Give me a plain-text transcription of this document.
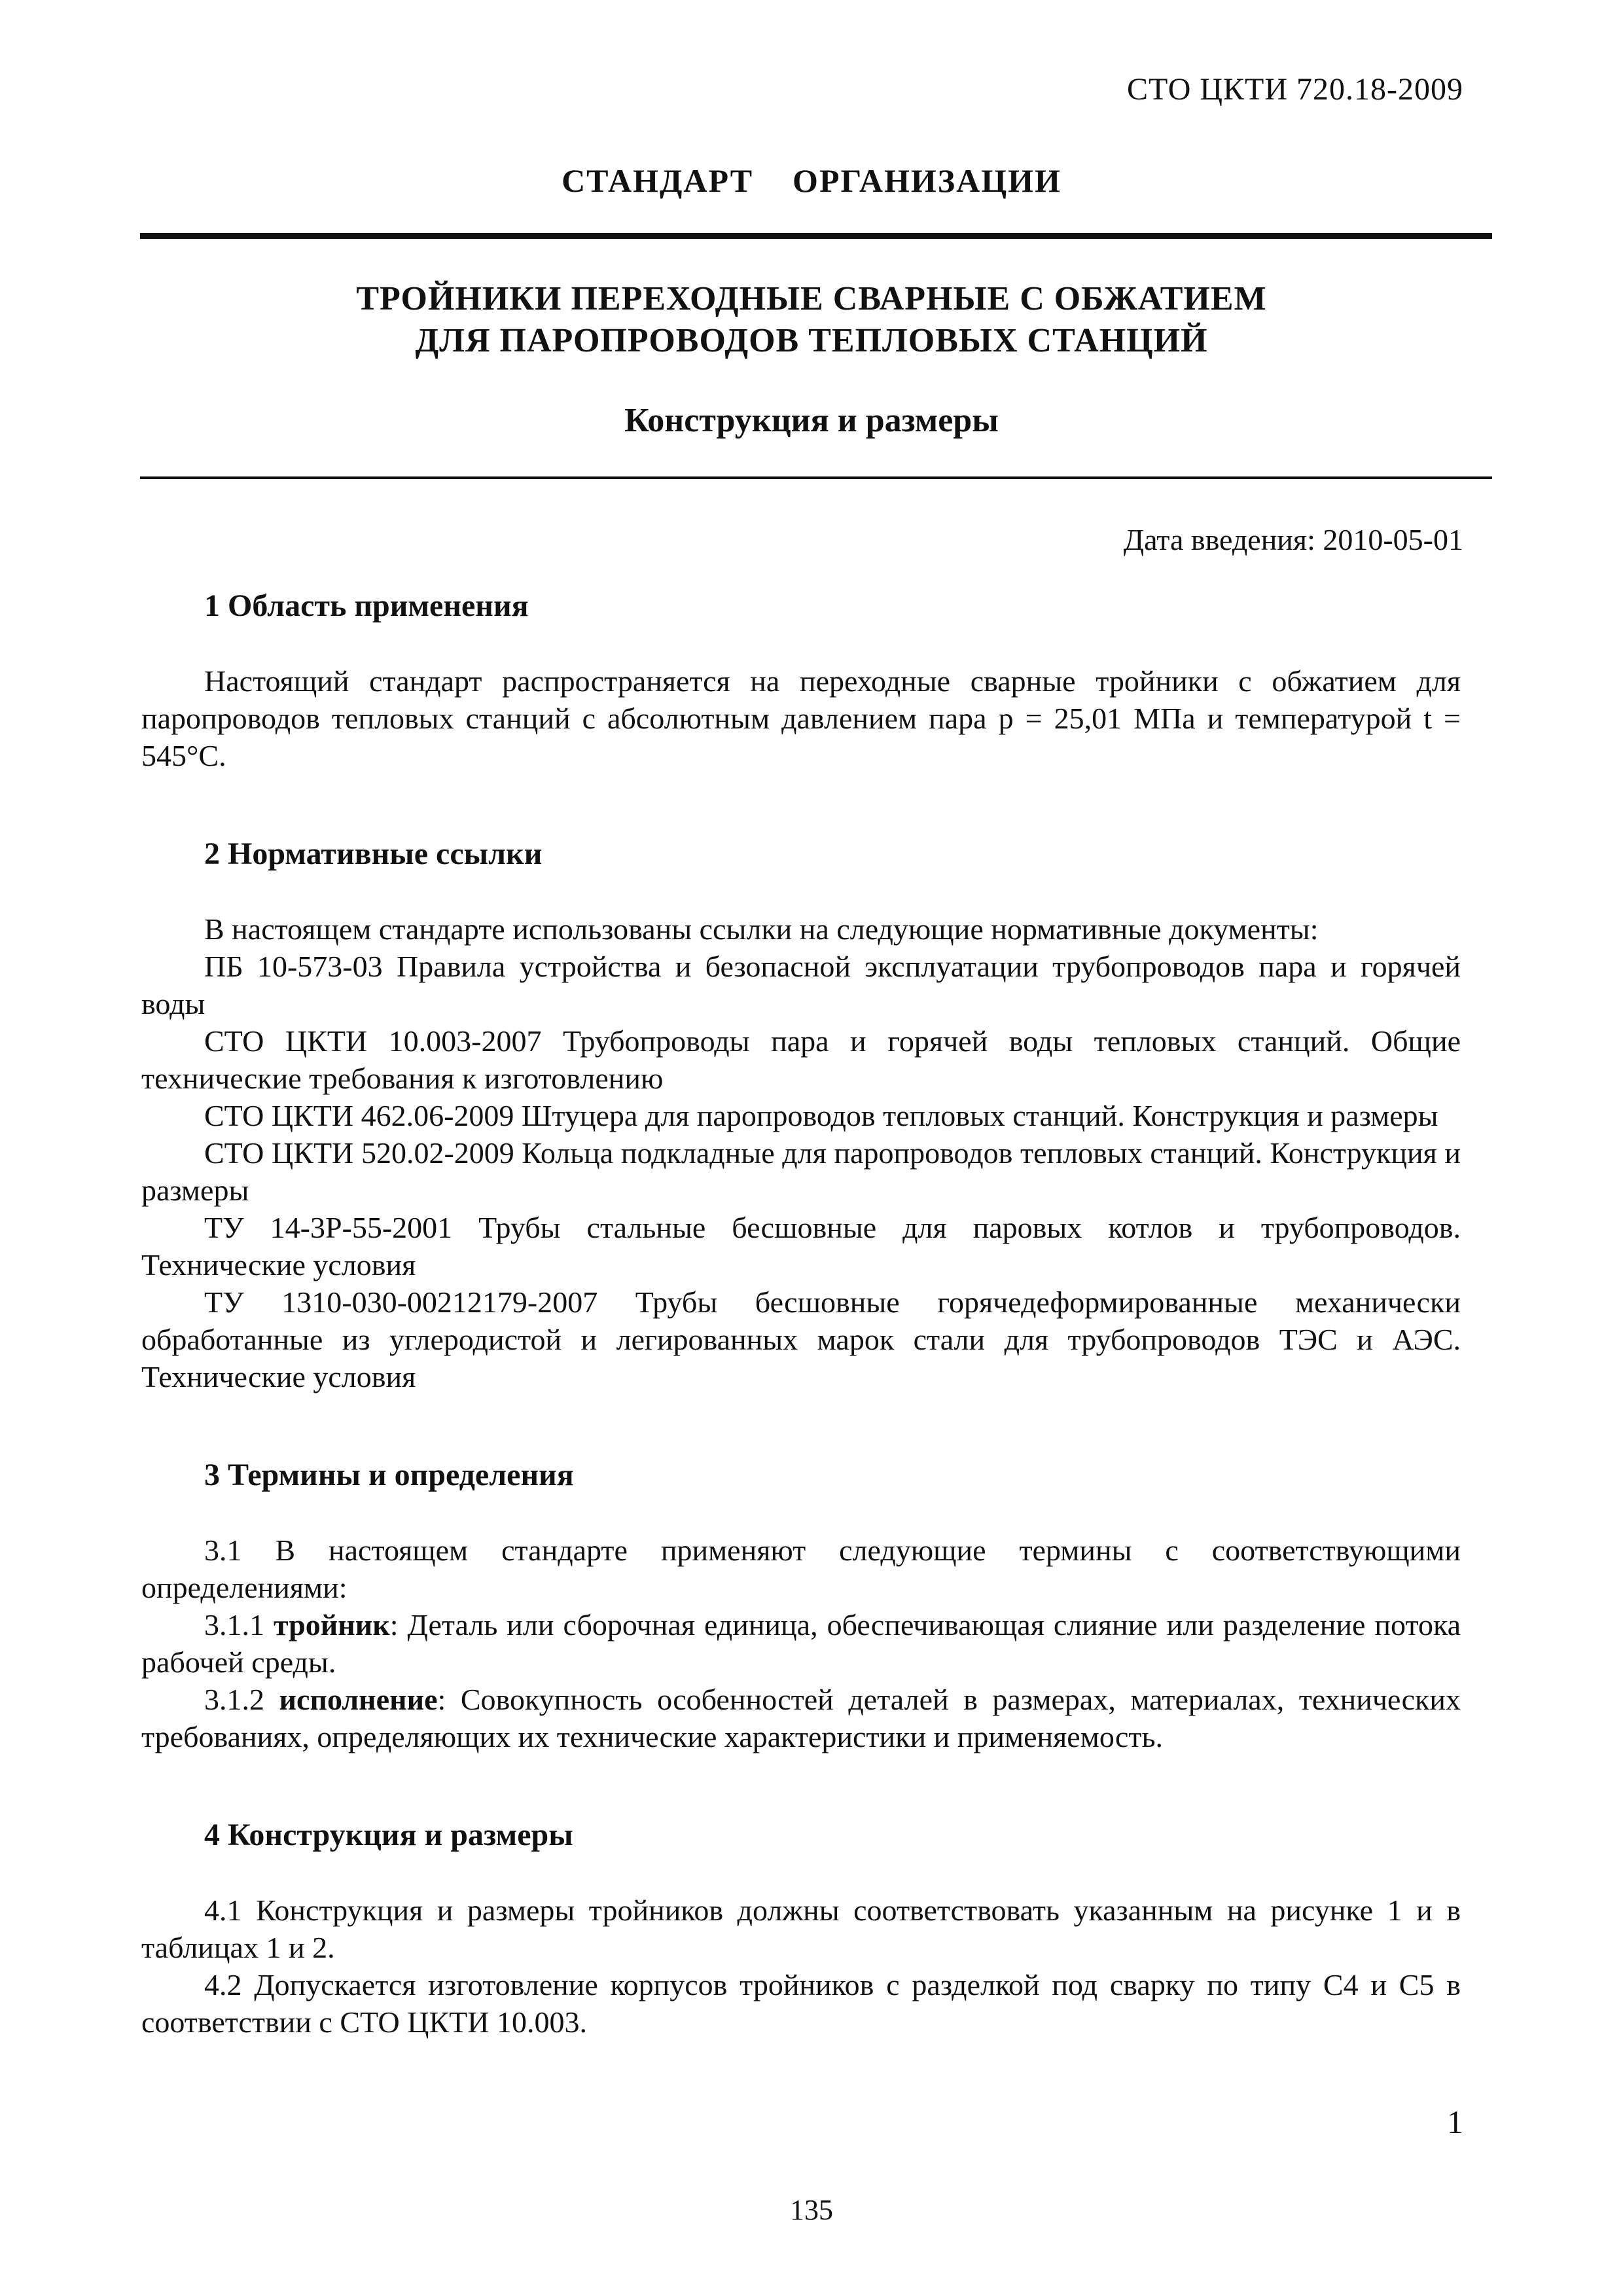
СТО ЦКТИ 720.18-2009
СТАНДАРТ ОРГАНИЗАЦИИ
ТРОЙНИКИ ПЕРЕХОДНЫЕ СВАРНЫЕ С ОБЖАТИЕМ
ДЛЯ ПАРОПРОВОДОВ ТЕПЛОВЫХ СТАНЦИЙ
Конструкция и размеры
Дата введения: 2010-05-01
1 Область применения

Настоящий стандарт распространяется на переходные сварные тройники с обжатием для паропроводов тепловых станций с абсолютным давлением пара p = 25,01 МПа и температурой t = 545°С.

2 Нормативные ссылки

В настоящем стандарте использованы ссылки на следующие нормативные документы:

ПБ 10-573-03 Правила устройства и безопасной эксплуатации трубопроводов пара и горячей воды

СТО ЦКТИ 10.003-2007 Трубопроводы пара и горячей воды тепловых станций. Общие технические требования к изготовлению

СТО ЦКТИ 462.06-2009 Штуцера для паропроводов тепловых станций. Конструкция и размеры

СТО ЦКТИ 520.02-2009 Кольца подкладные для паропроводов тепловых станций. Конструкция и размеры

ТУ 14-3Р-55-2001 Трубы стальные бесшовные для паровых котлов и трубопроводов. Технические условия

ТУ 1310-030-00212179-2007 Трубы бесшовные горячедеформированные механически обработанные из углеродистой и легированных марок стали для трубопроводов ТЭС и АЭС. Технические условия

3 Термины и определения

3.1 В настоящем стандарте применяют следующие термины с соответствующими определениями:

3.1.1 тройник: Деталь или сборочная единица, обеспечивающая слияние или разделение потока рабочей среды.

3.1.2 исполнение: Совокупность особенностей деталей в размерах, материалах, технических требованиях, определяющих их технические характеристики и применяемость.

4 Конструкция и размеры

4.1 Конструкция и размеры тройников должны соответствовать указанным на рисунке 1 и в таблицах 1 и 2.

4.2 Допускается изготовление корпусов тройников с разделкой под сварку по типу С4 и С5 в соответствии с СТО ЦКТИ 10.003.

1
135
